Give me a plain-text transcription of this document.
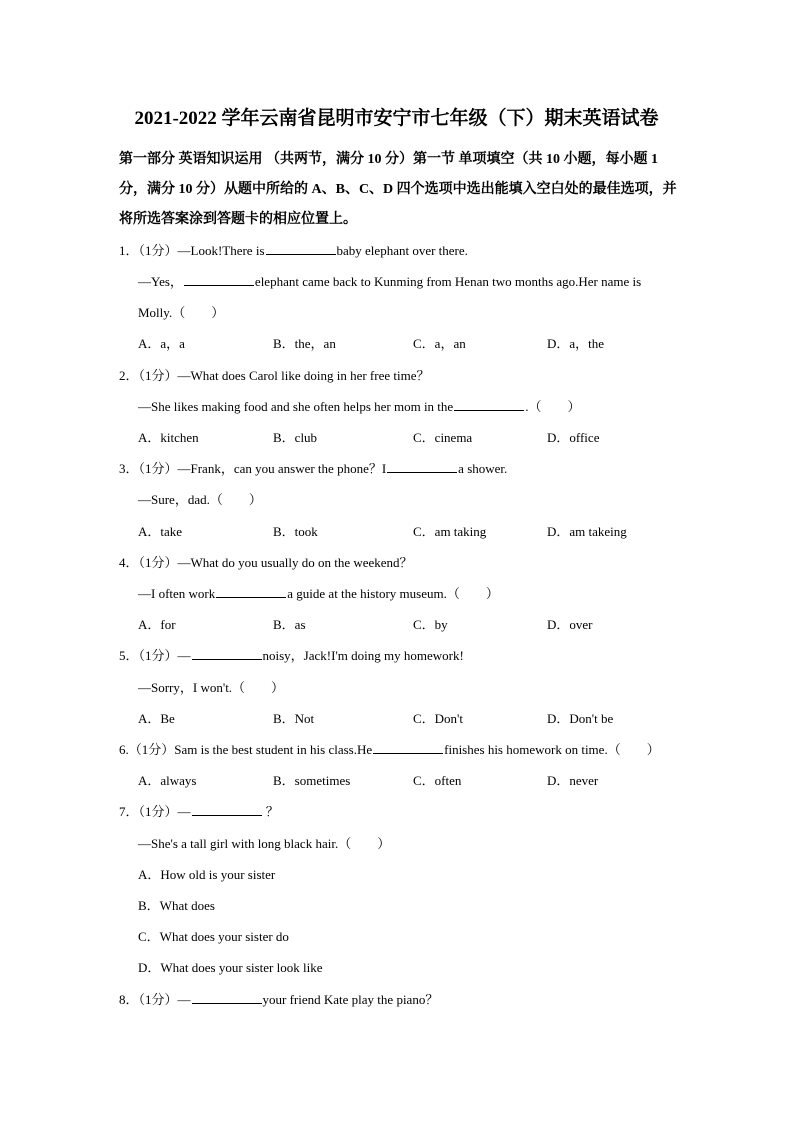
2021-2022 学年云南省昆明市安宁市七年级（下）期末英语试卷
第一部分 英语知识运用 （共两节，满分 10 分）第一节 单项填空（共 10 小题，每小题 1
分，满分 10 分）从题中所给的 A、B、C、D 四个选项中选出能填入空白处的最佳选项，并
将所选答案涂到答题卡的相应位置上。
1．（1分）—Look!There is	baby elephant over there.
—Yes，	elephant came back to Kunming from Henan two months ago.Her name is
Molly.（　　）
A．a，a	B．the，an	C．a，an	D．a，the
2．（1分）—What does Carol like doing in her free time？
—She likes making food and she often helps her mom in the	.（　　）
A．kitchen	B．club	C．cinema	D．office
3．（1分）—Frank，can you answer the phone？I	a shower.
—Sure，dad.（　　）
A．take	B．took	C．am taking	D．am takeing
4．（1分）—What do you usually do on the weekend？
—I often work	a guide at the history museum.（　　）
A．for	B．as	C．by	D．over
5．（1分）—	noisy，Jack!I'm doing my homework!
—Sorry，I won't.（　　）
A．Be	B．Not	C．Don't	D．Don't be
6.（1分）Sam is the best student in his class.He	finishes his homework on time.（　　）
A．always	B．sometimes	C．often	D．never
7．（1分）—	？
—She's a tall girl with long black hair.（　　）
A．How old is your sister
B．What does
C．What does your sister do
D．What does your sister look like
8．（1分）—	your friend Kate play the piano？
